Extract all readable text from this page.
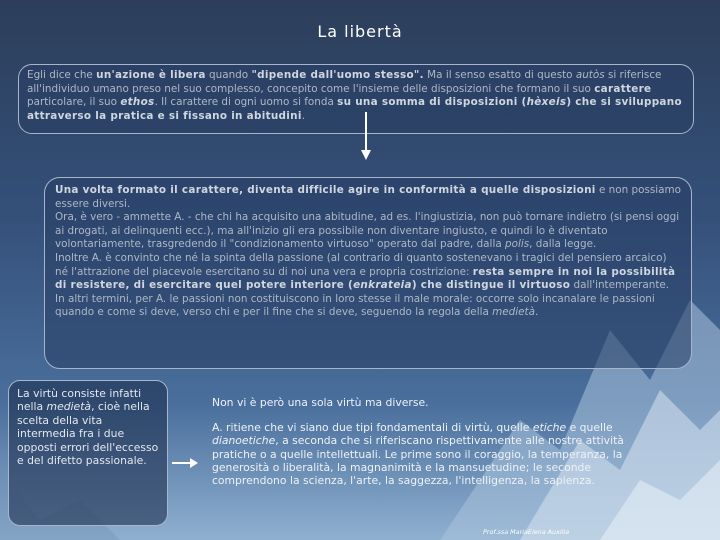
La libertà
Egli dice che un'azione è libera quando "dipende dall'uomo stesso". Ma il senso esatto di questo autòs si riferisce all'individuo umano preso nel suo complesso, concepito come l'insieme delle disposizioni che formano il suo carattere particolare, il suo ethos. Il carattere di ogni uomo si fonda su una somma di disposizioni (hèxeis) che si sviluppano attraverso la pratica e si fissano in abitudini.
Una volta formato il carattere, diventa difficile agire in conformità a quelle disposizioni e non possiamo essere diversi.
Ora, è vero - ammette A. - che chi ha acquisito una abitudine, ad es. l'ingiustizia, non può tornare indietro (si pensi oggi ai drogati, ai delinquenti ecc.), ma all'inizio gli era possibile non diventare ingiusto, e quindi lo è diventato volontariamente, trasgredendo il "condizionamento virtuoso" operato dal padre, dalla polis, dalla legge.
Inoltre A. è convinto che né la spinta della passione (al contrario di quanto sostenevano i tragici del pensiero arcaico) né l'attrazione del piacevole esercitano su di noi una vera e propria costrizione: resta sempre in noi la possibilità di resistere, di esercitare quel potere interiore (enkrateia) che distingue il virtuoso dall'intemperante. In altri termini, per A. le passioni non costituiscono in loro stesse il male morale: occorre solo incanalare le passioni quando e come si deve, verso chi e per il fine che si deve, seguendo la regola della medietà.
La virtù consiste infatti nella medietà, cioè nella scelta della vita intermedia fra i due opposti errori dell'eccesso e del difetto passionale.

Non vi è però una sola virtù ma diverse.

A. ritiene che vi siano due tipi fondamentali di virtù, quelle etiche e quelle dianoetiche, a seconda che si riferiscano rispettivamente alle nostre attività pratiche o a quelle intellettuali. Le prime sono il coraggio, la temperanza, la generosità o liberalità, la magnanimità e la mansuetudine; le seconde comprendono la scienza, l'arte, la saggezza, l'intelligenza, la sapienza.

Prof.ssa MariaElena Auxilia
